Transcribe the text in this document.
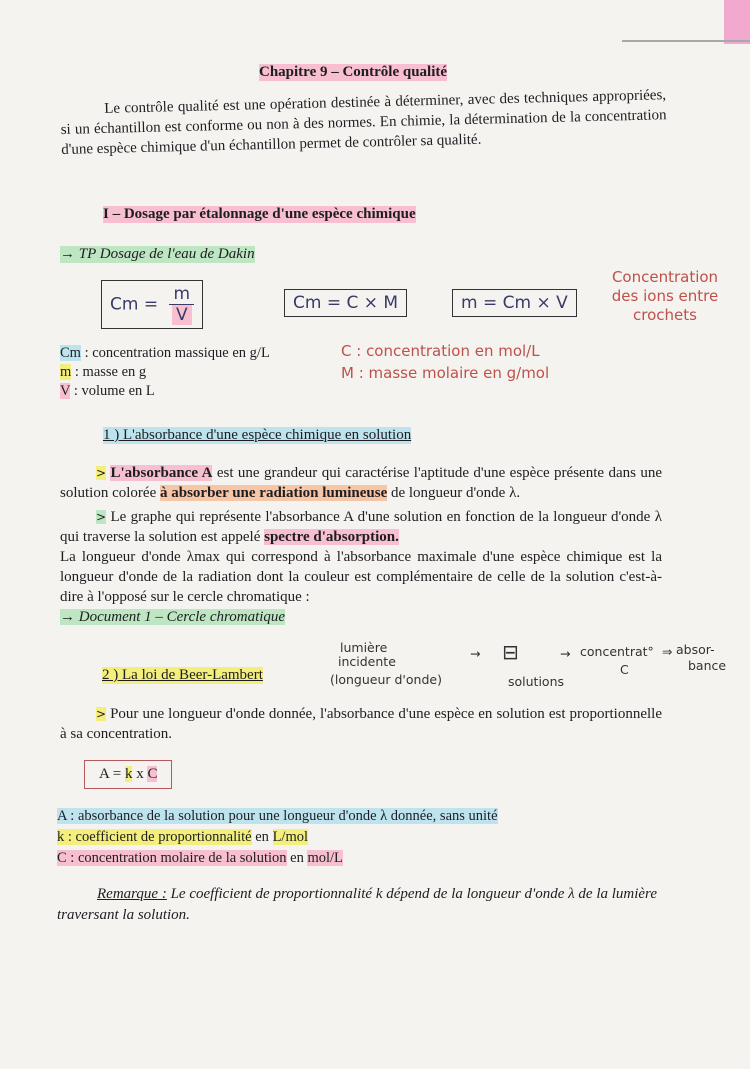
Chapitre 9 – Contrôle qualité
Le contrôle qualité est une opération destinée à déterminer, avec des techniques appropriées, si un échantillon est conforme ou non à des normes. En chimie, la détermination de la concentration d'une espèce chimique d'un échantillon permet de contrôler sa qualité.
I – Dosage par étalonnage d'une espèce chimique
→ TP Dosage de l'eau de Dakin
$Cm = \frac{m}{V}$	Cm = C × M	m = Cm × V
Concentration
des ions entre
crochets
Cm : concentration massique en g/L
m : masse en g
V : volume en L
C : concentration en mol/L
M : masse molaire en g/mol
1 ) L'absorbance d'une espèce chimique en solution

> L'absorbance A est une grandeur qui caractérise l'aptitude d'une espèce présente dans une solution colorée à absorber une radiation lumineuse de longueur d'onde λ.

> Le graphe qui représente l'absorbance A d'une solution en fonction de la longueur d'onde λ qui traverse la solution est appelé spectre d'absorption.

La longueur d'onde λmax qui correspond à l'absorbance maximale d'une espèce chimique est la longueur d'onde de la radiation dont la couleur est complémentaire de celle de la solution c'est-à-dire à l'opposé sur le cercle chromatique :

→ Document 1 – Cercle chromatique

lumière
incidente
(longueur d'onde)
→ ⊟	→ concentrat° ⇒ absor-
solutions
C	bance
2 ) La loi de Beer-Lambert

> Pour une longueur d'onde donnée, l'absorbance d'une espèce en solution est proportionnelle à sa concentration.

A = k x C
A : absorbance de la solution pour une longueur d'onde λ donnée, sans unité
k : coefficient de proportionnalité en L/mol
C : concentration molaire de la solution en mol/L
Remarque : Le coefficient de proportionnalité k dépend de la longueur d'onde λ de la lumière traversant la solution.
